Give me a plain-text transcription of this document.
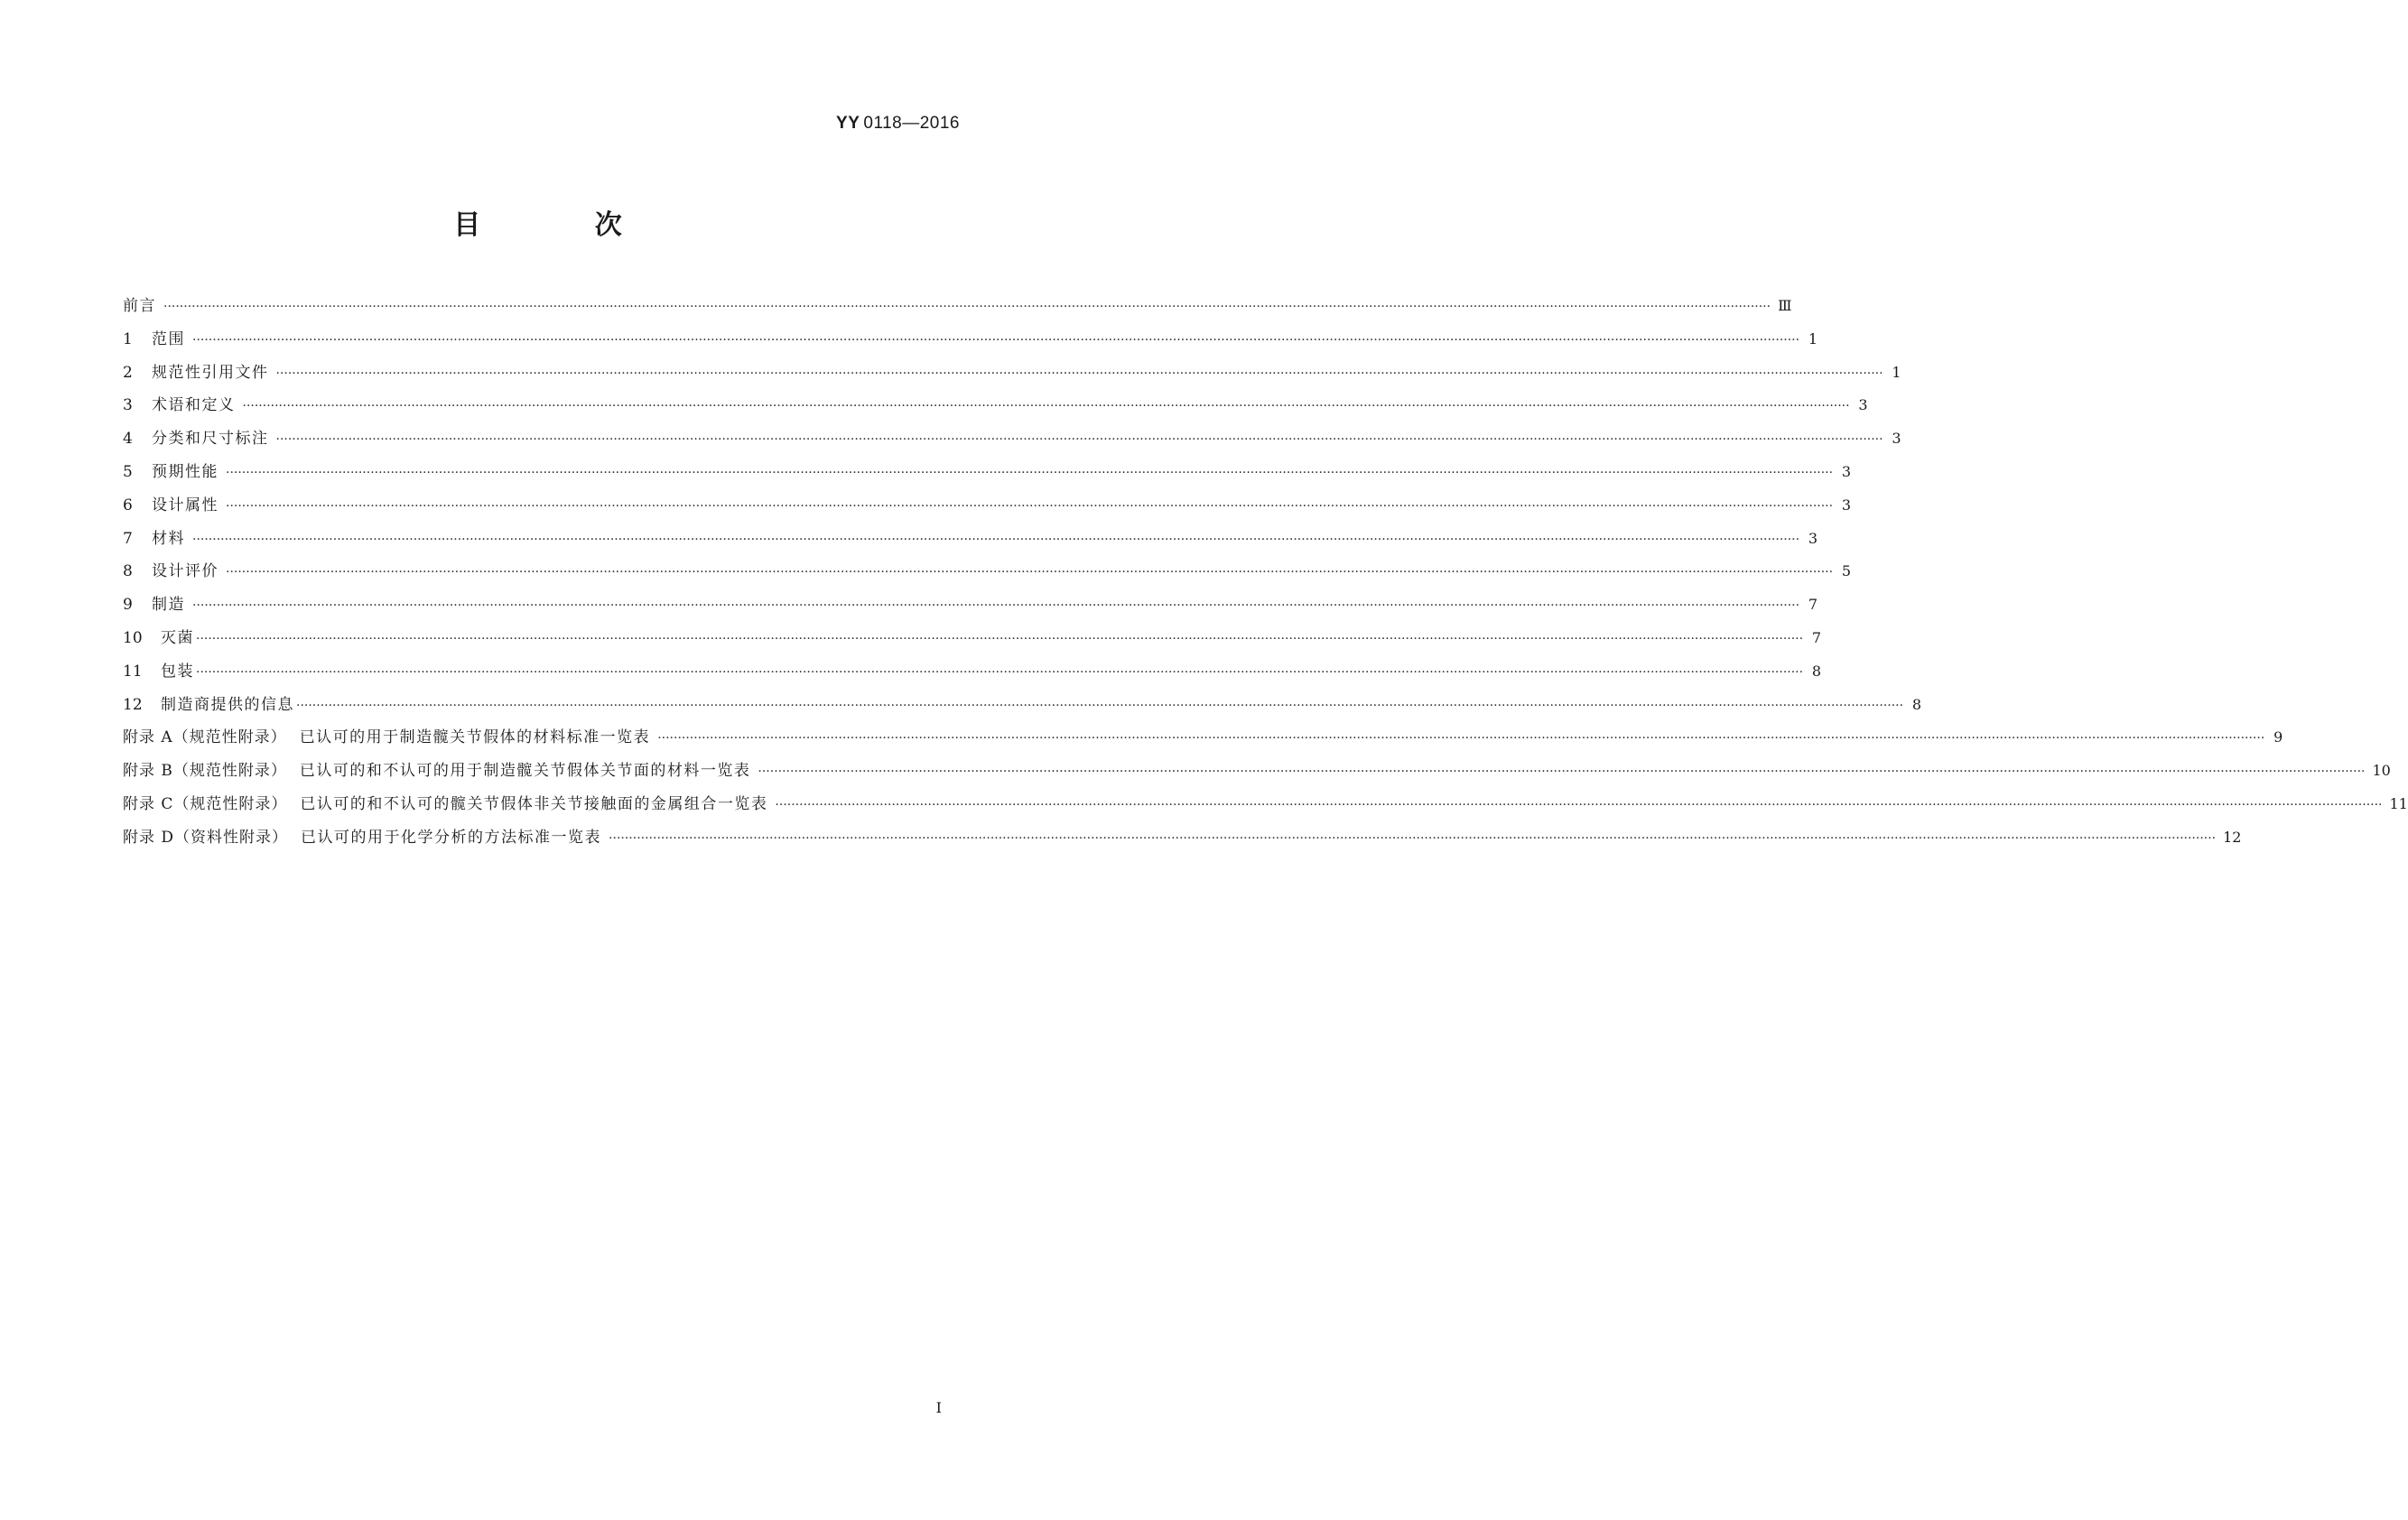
YY 0118—2016
目 次
前言 ················································································································································································································································································································································································································ Ⅲ
1	范围 ················································································································································································································································································································································································································ 1
2	规范性引用文件 ················································································································································································································································································································································································································ 1
3	术语和定义 ················································································································································································································································································································································································································ 3
4	分类和尺寸标注 ················································································································································································································································································································································································································ 3
5	预期性能 ················································································································································································································································································································································································································ 3
6	设计属性 ················································································································································································································································································································································································································ 3
7	材料 ················································································································································································································································································································································································································ 3
8	设计评价 ················································································································································································································································································································································································································ 5
9	制造 ················································································································································································································································································································································································································ 7
10	灭菌 ················································································································································································································································································································································································································ 7
11	包装 ················································································································································································································································································································································································································ 8
12	制造商提供的信息 ················································································································································································································································································································································································································ 8
附录 A（规范性附录） 已认可的用于制造髋关节假体的材料标准一览表 ················································································································································································································································································································································································································ 9
附录 B（规范性附录） 已认可的和不认可的用于制造髋关节假体关节面的材料一览表 ················································································································································································································································································································································································································ 10
附录 C（规范性附录） 已认可的和不认可的髋关节假体非关节接触面的金属组合一览表 ················································································································································································································································································································································································································ 11
附录 D（资料性附录） 已认可的用于化学分析的方法标准一览表 ················································································································································································································································································································································································································ 12
I
